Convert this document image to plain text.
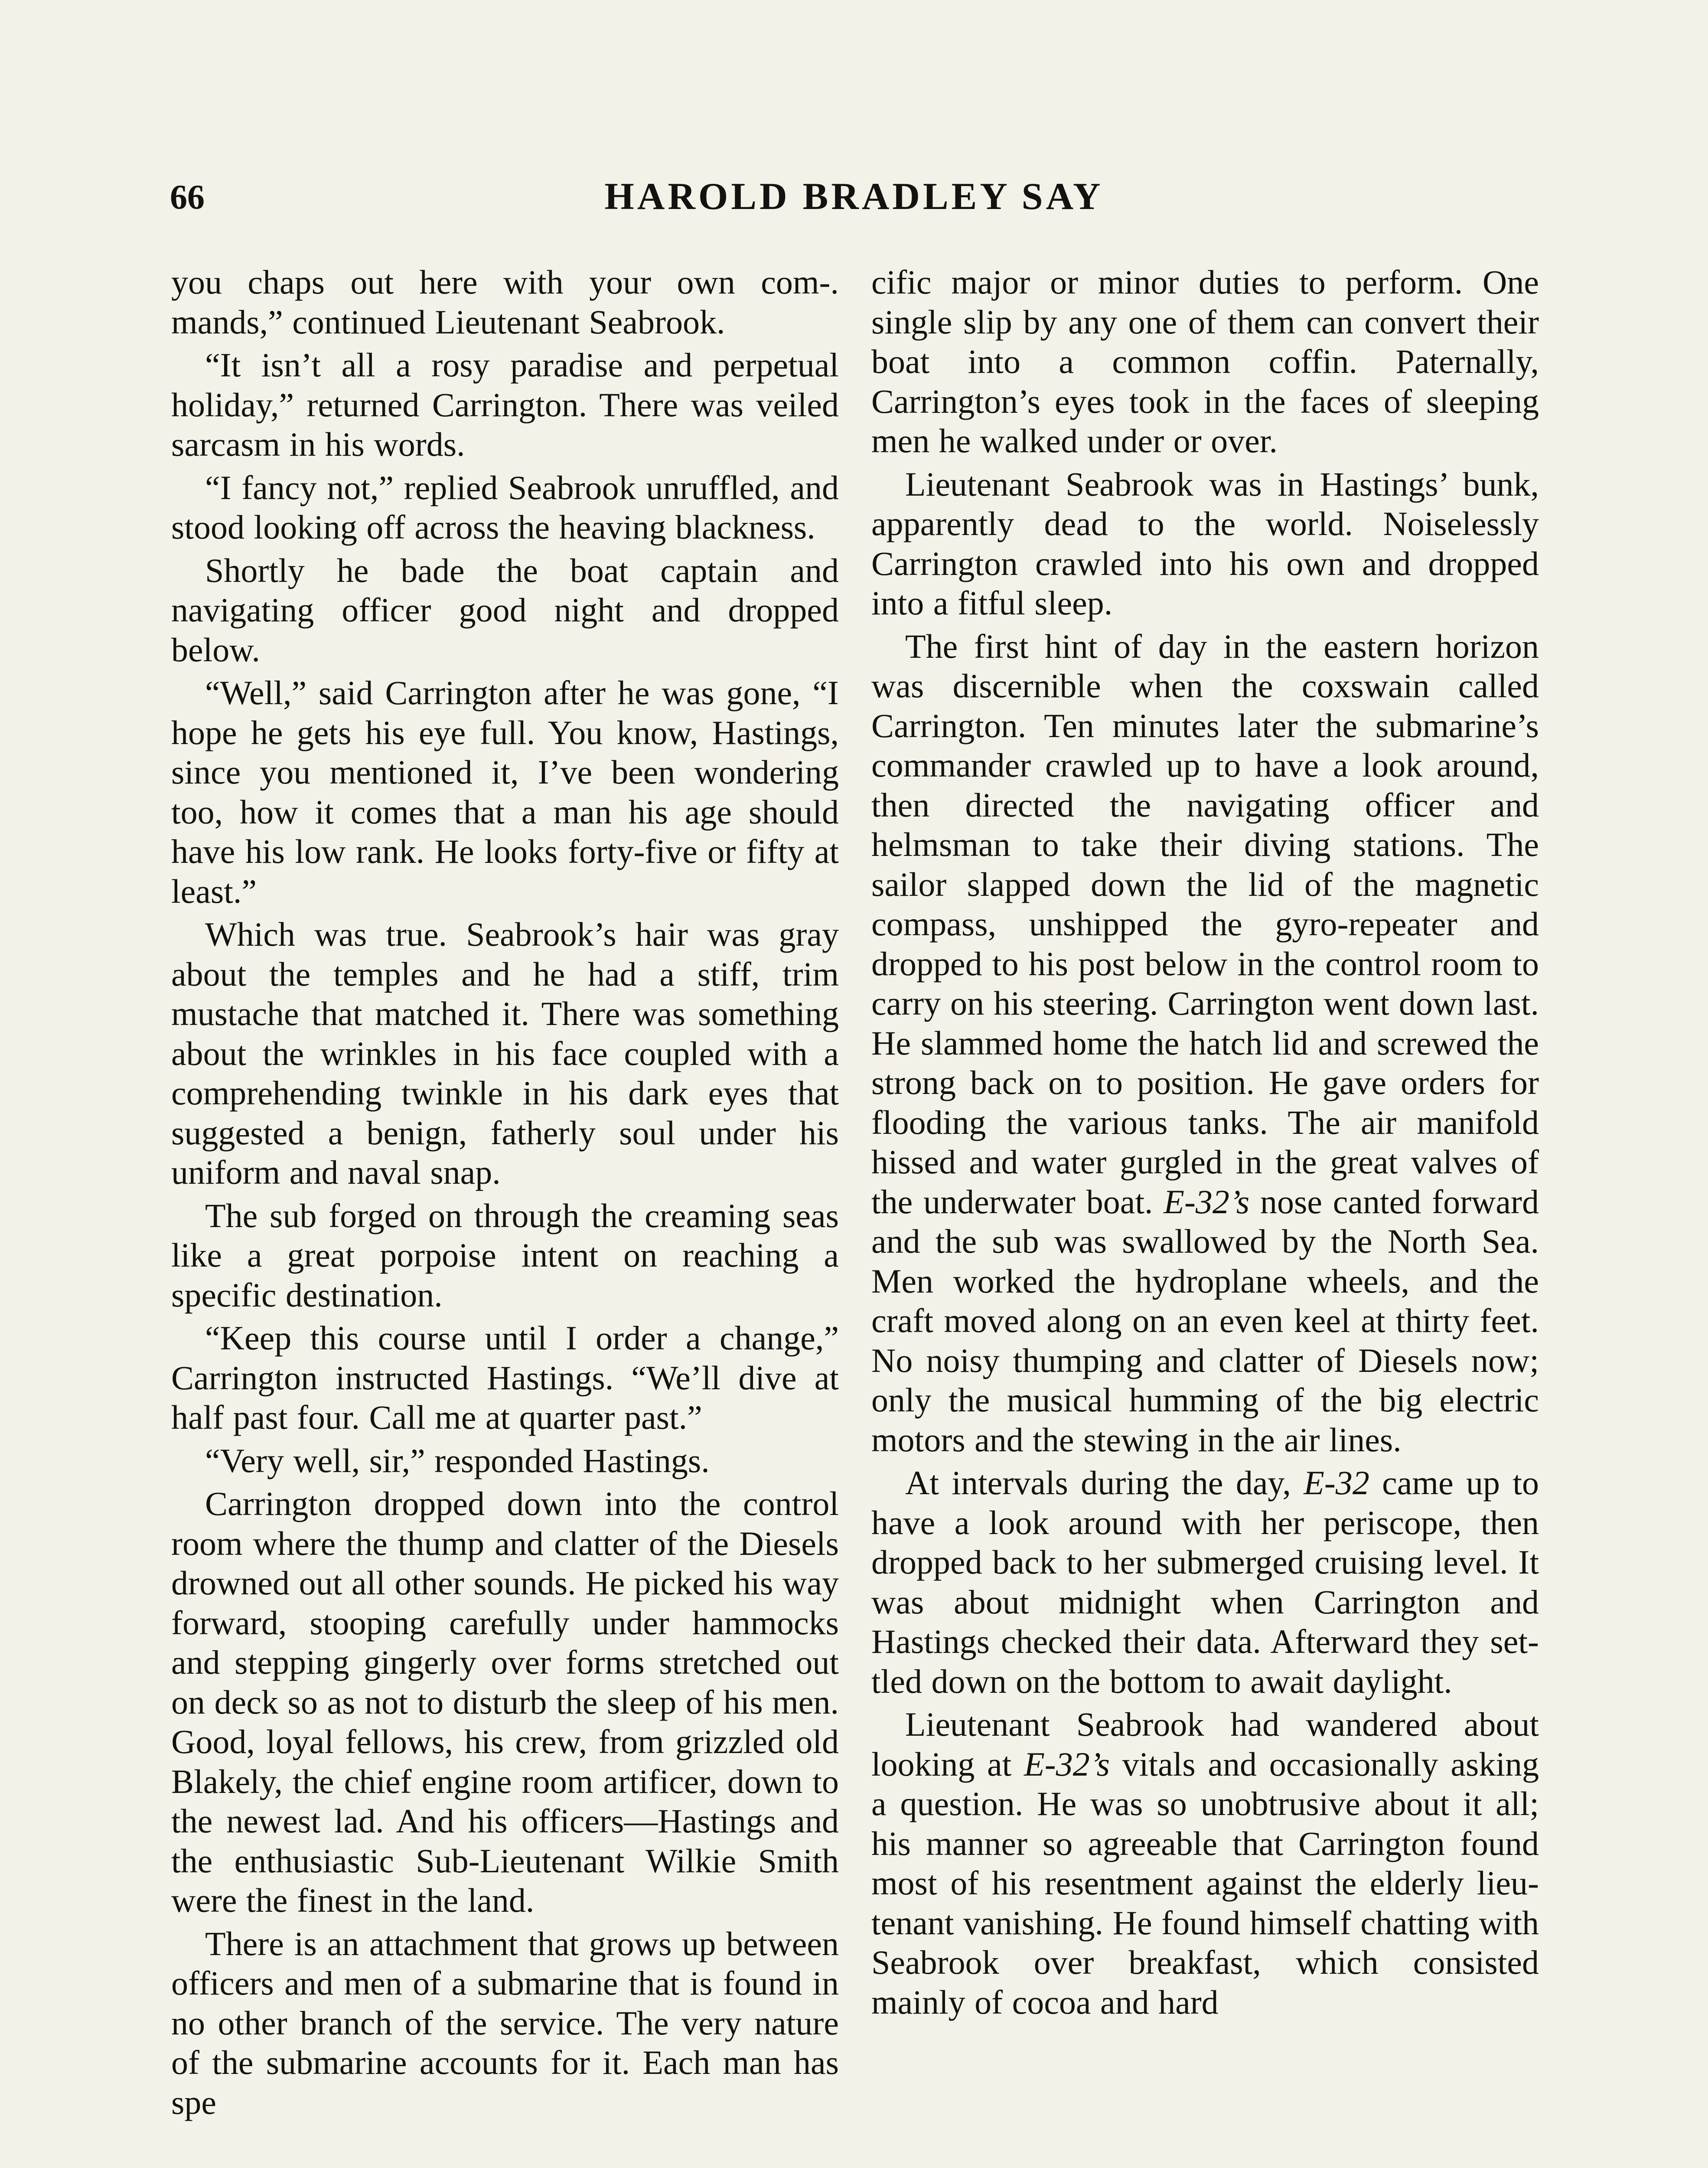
66	HAROLD BRADLEY SAY

you chaps out here with your own com-. mands,” continued Lieutenant Seabrook.

“It isn’t all a rosy paradise and perpetual holiday,” returned Carrington. There was veiled sarcasm in his words.

“I fancy not,” replied Seabrook unruffled, and stood looking off across the heaving blackness.

Shortly he bade the boat captain and navigating officer good night and dropped below.

“Well,” said Carrington after he was gone, “I hope he gets his eye full. You know, Hastings, since you mentioned it, I’ve been wondering too, how it comes that a man his age should have his low rank. He looks forty-five or fifty at least.”

Which was true. Seabrook’s hair was gray about the temples and he had a stiff, trim mustache that matched it. There was something about the wrinkles in his face coupled with a comprehending twinkle in his dark eyes that suggested a benign, fatherly soul under his uniform and naval snap.

The sub forged on through the creaming seas like a great porpoise intent on reaching a specific destination.

“Keep this course until I order a change,” Carrington instructed Hastings. “We’ll dive at half past four. Call me at quarter past.”

“Very well, sir,” responded Hastings.

Carrington dropped down into the control room where the thump and clatter of the Diesels drowned out all other sounds. He picked his way forward, stooping carefully under hammocks and stepping gingerly over forms stretched out on deck so as not to disturb the sleep of his men. Good, loyal fellows, his crew, from grizzled old Blakely, the chief engine room artificer, down to the newest lad. And his officers—Hastings and the enthusiastic Sub-Lieutenant Wilkie Smith were the finest in the land.

There is an attachment that grows up between officers and men of a submarine that is found in no other branch of the service. The very nature of the submarine accounts for it. Each man has spe

cific major or minor duties to perform. One single slip by any one of them can convert their boat into a common coffin. Paternally, Carrington’s eyes took in the faces of sleeping men he walked under or over.

Lieutenant Seabrook was in Hastings’ bunk, apparently dead to the world. Noiselessly Carrington crawled into his own and dropped into a fitful sleep.

The first hint of day in the eastern horizon was discernible when the coxswain called Carrington. Ten minutes later the submarine’s commander crawled up to have a look around, then directed the navigating officer and helmsman to take their diving stations. The sailor slapped down the lid of the magnetic compass, unshipped the gyro-repeater and dropped to his post below in the control room to carry on his steering. Carrington went down last. He slammed home the hatch lid and screwed the strong back on to position. He gave orders for flooding the various tanks. The air manifold hissed and water gurgled in the great valves of the underwater boat. E-32’s nose canted forward and the sub was swallowed by the North Sea. Men worked the hydroplane wheels, and the craft moved along on an even keel at thirty feet. No noisy thumping and clatter of Diesels now; only the musical humming of the big electric motors and the stewing in the air lines.

At intervals during the day, E-32 came up to have a look around with her periscope, then dropped back to her submerged cruising level. It was about midnight when Carrington and Hastings checked their data. Afterward they settled down on the bottom to await daylight.

Lieutenant Seabrook had wandered about looking at E-32’s vitals and occasionally asking a question. He was so unobtrusive about it all; his manner so agreeable that Carrington found most of his resentment against the elderly lieutenant vanishing. He found himself chatting with Seabrook over breakfast, which consisted mainly of cocoa and hard
